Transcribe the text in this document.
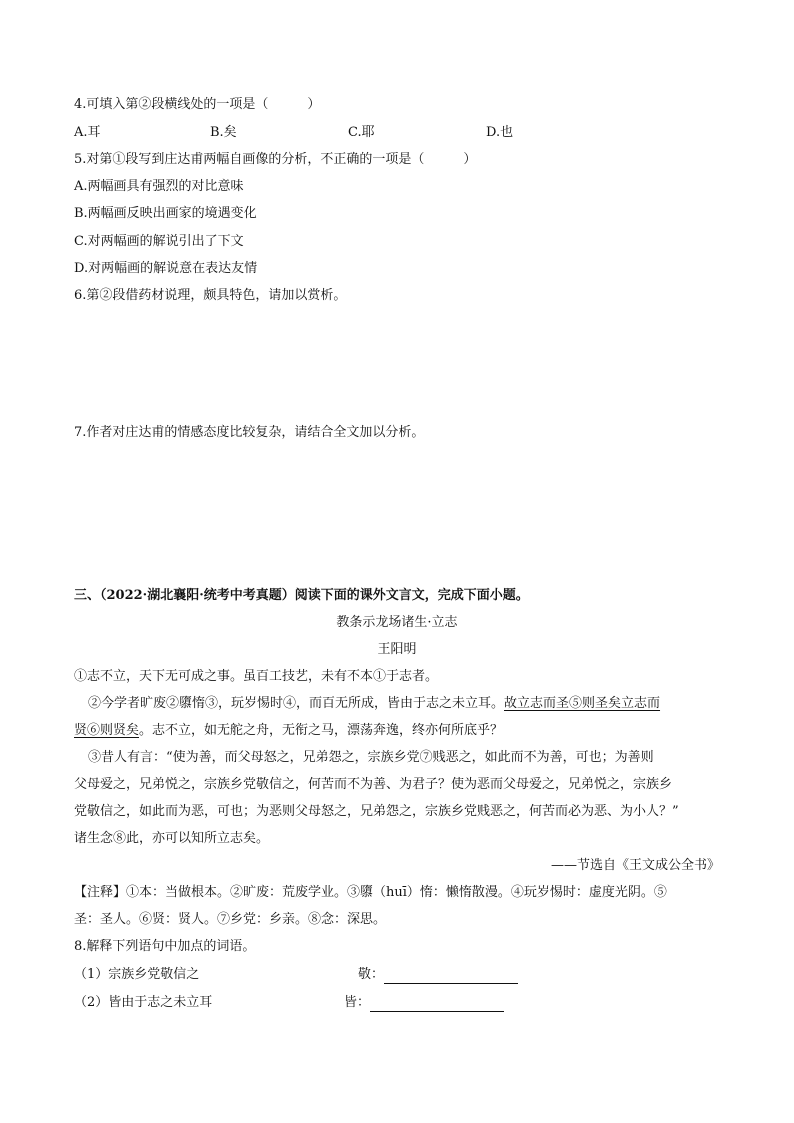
4.可填入第②段横线处的一项是（　　　）
A.耳	B.矣	C.耶	D.也
5.对第①段写到庄达甫两幅自画像的分析，不正确的一项是（　　　）
A.两幅画具有强烈的对比意味
B.两幅画反映出画家的境遇变化
C.对两幅画的解说引出了下文
D.对两幅画的解说意在表达友情
6.第②段借药材说理，颇具特色，请加以赏析。
7.作者对庄达甫的情感态度比较复杂，请结合全文加以分析。
三、（2022·湖北襄阳·统考中考真题）阅读下面的课外文言文，完成下面小题。
教条示龙场诸生·立志
王阳明
①志不立，天下无可成之事。虽百工技艺，未有不本①于志者。
②今学者旷废②隳惰③，玩岁惕时④，而百无所成，皆由于志之未立耳。故立志而圣⑤则圣矣立志而
贤⑥则贤矣。志不立，如无舵之舟，无衔之马，漂荡奔逸，终亦何所底乎？
③昔人有言：“使为善，而父母怒之，兄弟怨之，宗族乡党⑦贱恶之，如此而不为善，可也；为善则
父母爱之，兄弟悦之，宗族乡党敬信之，何苦而不为善、为君子？使为恶而父母爱之，兄弟悦之，宗族乡
党敬信之，如此而为恶，可也；为恶则父母怒之，兄弟怨之，宗族乡党贱恶之，何苦而必为恶、为小人？”
诸生念⑧此，亦可以知所立志矣。
——节选自《王文成公全书》
【注释】①本：当做根本。②旷废：荒废学业。③隳（huī）惰：懒惰散漫。④玩岁惕时：虚度光阴。⑤
圣：圣人。⑥贤：贤人。⑦乡党：乡亲。⑧念：深思。
8.解释下列语句中加点的词语。
（1）宗族乡党敬信之	敬：
（2）皆由于志之未立耳	皆：
